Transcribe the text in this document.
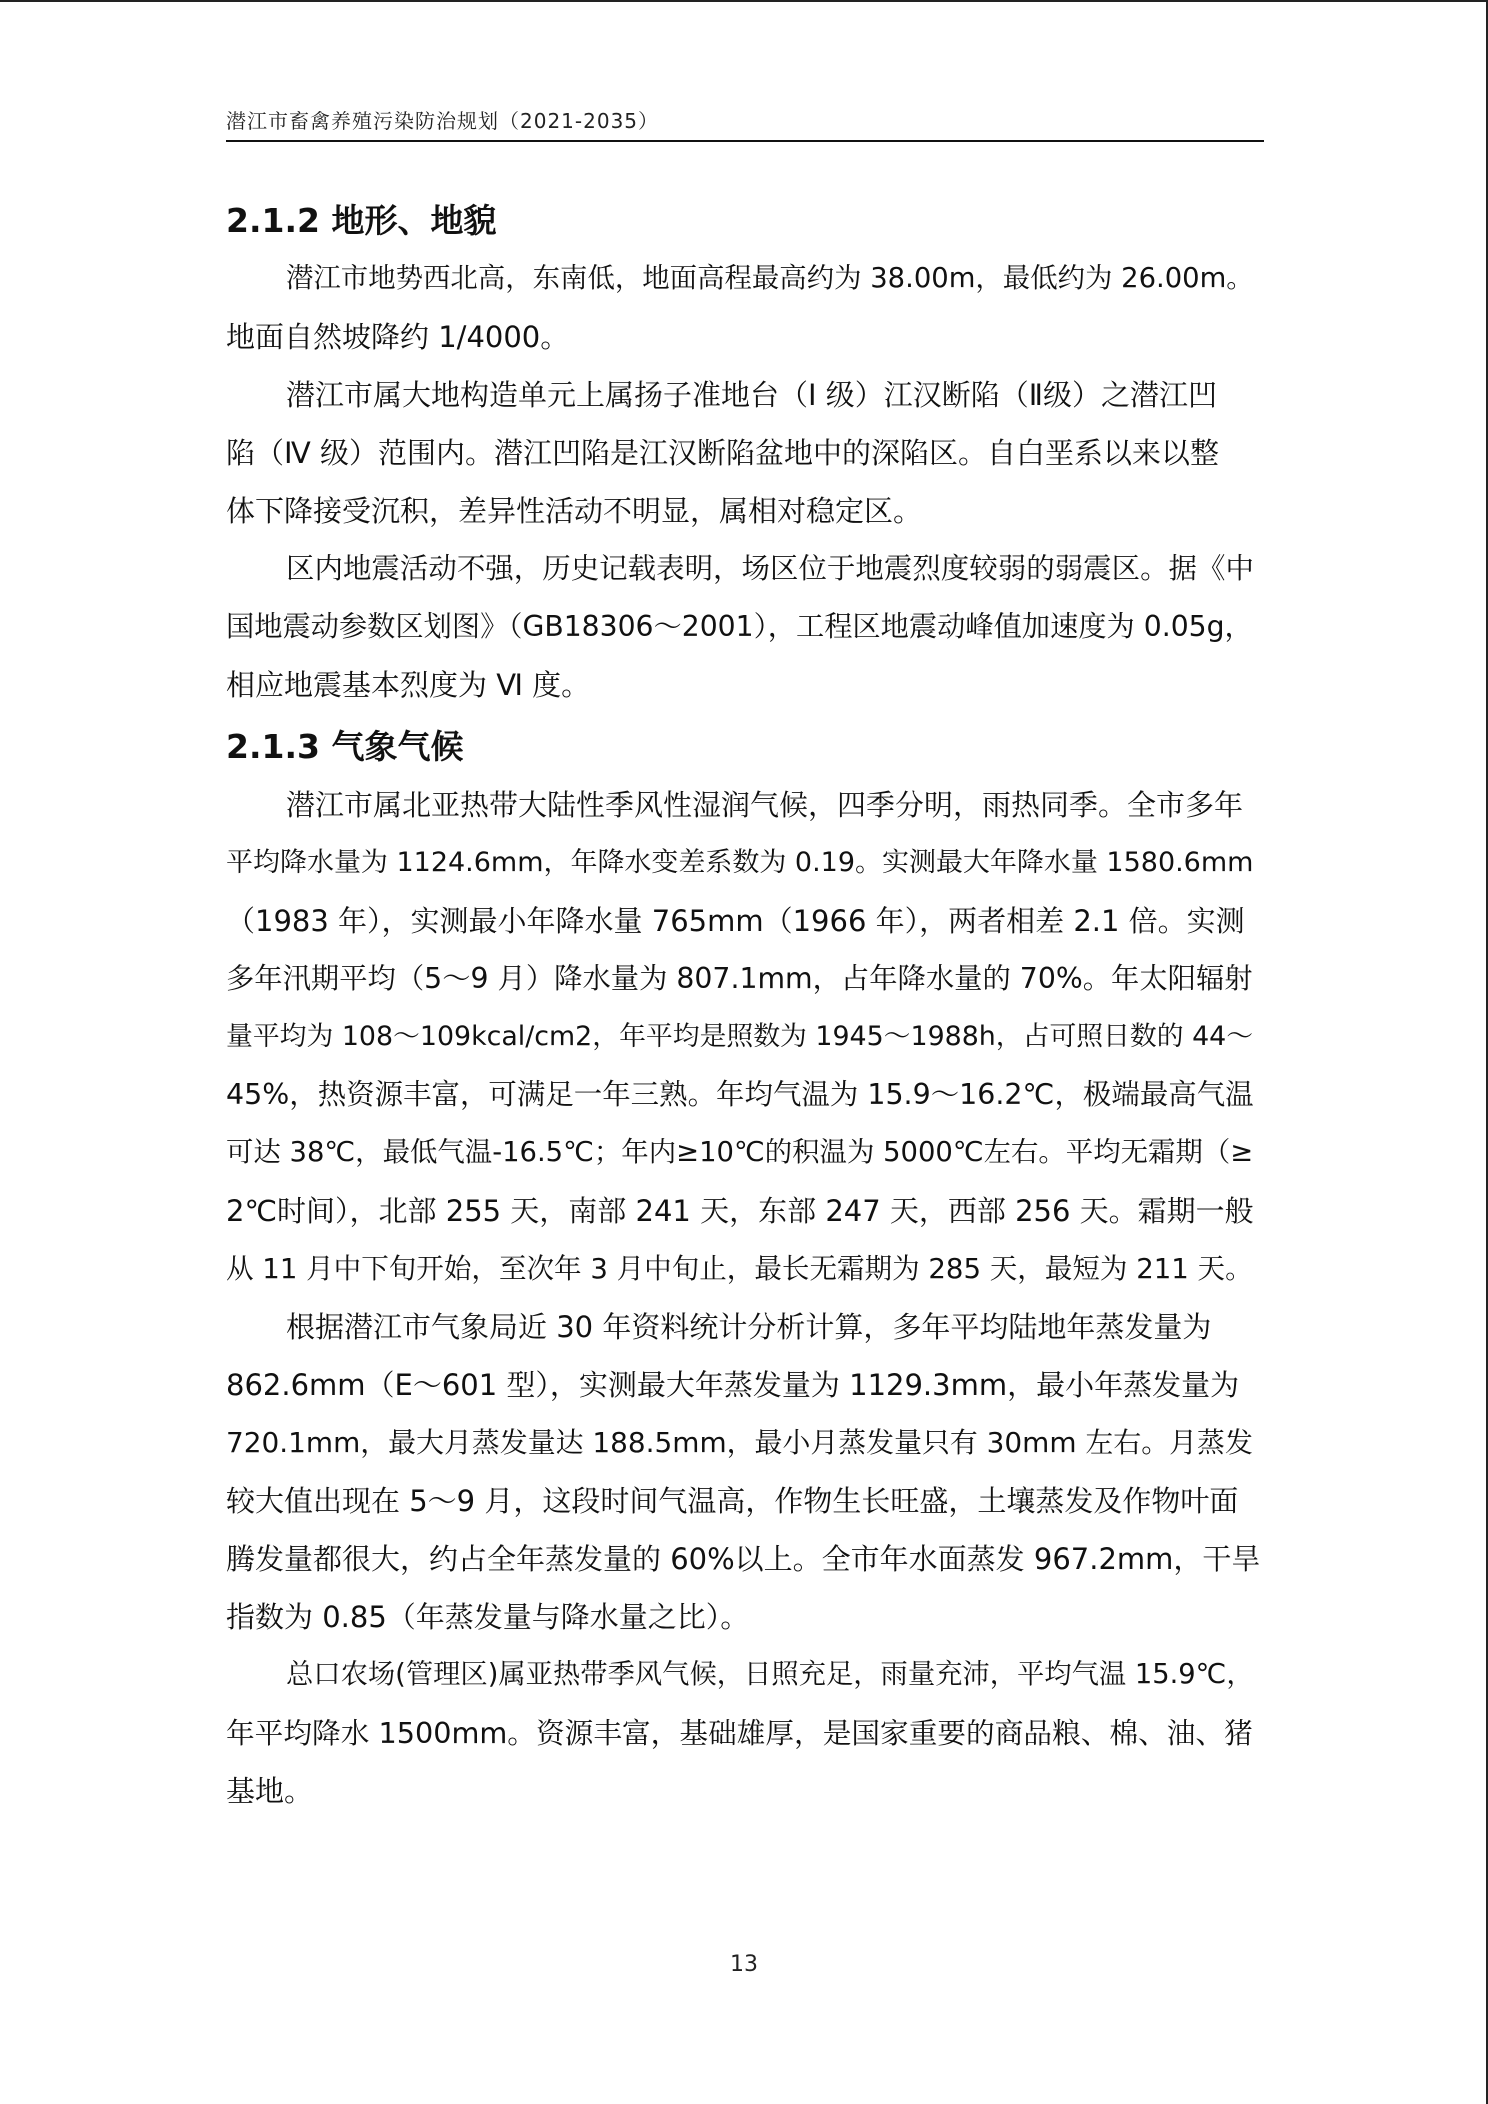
潜江市畜禽养殖污染防治规划（2021-2035）
2.1.2 地形、地貌
潜江市地势西北高，东南低，地面高程最高约为 38.00m，最低约为 26.00m。
地面自然坡降约 1/4000。
潜江市属大地构造单元上属扬子准地台（Ⅰ 级）江汉断陷（Ⅱ级）之潜江凹
陷（Ⅳ 级）范围内。潜江凹陷是江汉断陷盆地中的深陷区。自白垩系以来以整
体下降接受沉积，差异性活动不明显，属相对稳定区。
区内地震活动不强，历史记载表明，场区位于地震烈度较弱的弱震区。据《中
国地震动参数区划图》（GB18306～2001），工程区地震动峰值加速度为 0.05g，
相应地震基本烈度为 Ⅵ 度。
2.1.3 气象气候
潜江市属北亚热带大陆性季风性湿润气候，四季分明，雨热同季。全市多年
平均降水量为 1124.6mm，年降水变差系数为 0.19。实测最大年降水量 1580.6mm
（1983 年），实测最小年降水量 765mm（1966 年），两者相差 2.1 倍。实测
多年汛期平均（5～9 月）降水量为 807.1mm，占年降水量的 70%。年太阳辐射
量平均为 108～109kcal/cm2，年平均是照数为 1945～1988h，占可照日数的 44～
45%，热资源丰富，可满足一年三熟。年均气温为 15.9～16.2℃，极端最高气温
可达 38℃，最低气温-16.5℃；年内≥10℃的积温为 5000℃左右。平均无霜期（≥
2℃时间），北部 255 天，南部 241 天，东部 247 天，西部 256 天。霜期一般
从 11 月中下旬开始，至次年 3 月中旬止，最长无霜期为 285 天，最短为 211 天。
根据潜江市气象局近 30 年资料统计分析计算，多年平均陆地年蒸发量为
862.6mm（E～601 型），实测最大年蒸发量为 1129.3mm，最小年蒸发量为
720.1mm，最大月蒸发量达 188.5mm，最小月蒸发量只有 30mm 左右。月蒸发
较大值出现在 5～9 月，这段时间气温高，作物生长旺盛，土壤蒸发及作物叶面
腾发量都很大，约占全年蒸发量的 60%以上。全市年水面蒸发 967.2mm，干旱
指数为 0.85（年蒸发量与降水量之比）。
总口农场(管理区)属亚热带季风气候，日照充足，雨量充沛，平均气温 15.9℃，
年平均降水 1500mm。资源丰富，基础雄厚，是国家重要的商品粮、棉、油、猪
基地。
13
